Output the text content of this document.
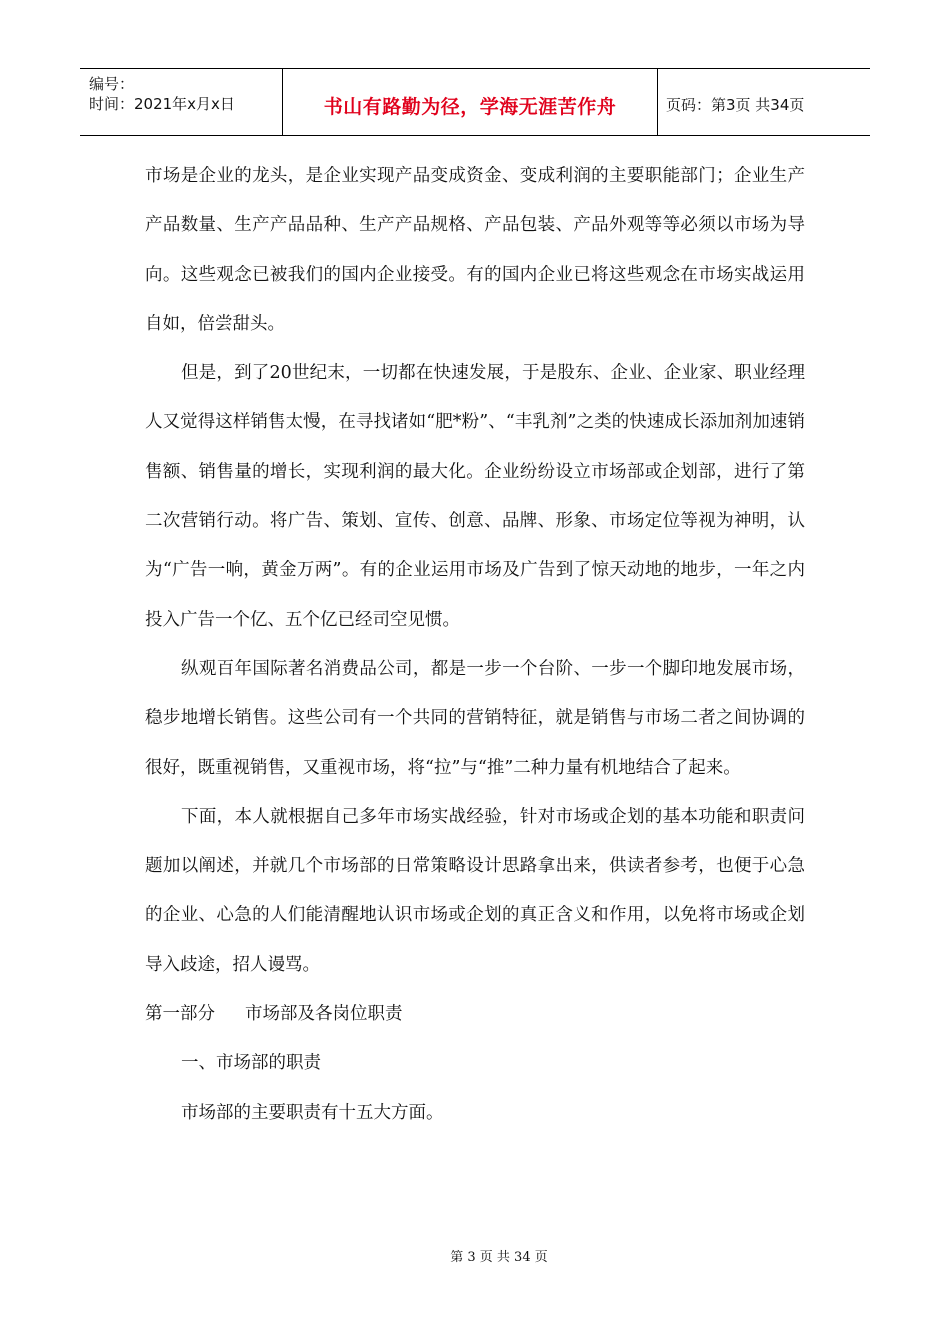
编号：
时间：2021年x月x日	书山有路勤为径，学海无涯苦作舟	页码：第3页 共34页

市场是企业的龙头，是企业实现产品变成资金、变成利润的主要职能部门；企业生产产品数量、生产产品品种、生产产品规格、产品包装、产品外观等等必须以市场为导向。这些观念已被我们的国内企业接受。有的国内企业已将这些观念在市场实战运用自如，倍尝甜头。

但是，到了20世纪末，一切都在快速发展，于是股东、企业、企业家、职业经理人又觉得这样销售太慢，在寻找诸如“肥*粉”、“丰乳剂”之类的快速成长添加剂加速销售额、销售量的增长，实现利润的最大化。企业纷纷设立市场部或企划部，进行了第二次营销行动。将广告、策划、宣传、创意、品牌、形象、市场定位等视为神明，认为“广告一响，黄金万两”。有的企业运用市场及广告到了惊天动地的地步，一年之内投入广告一个亿、五个亿已经司空见惯。

纵观百年国际著名消费品公司，都是一步一个台阶、一步一个脚印地发展市场，稳步地增长销售。这些公司有一个共同的营销特征，就是销售与市场二者之间协调的很好，既重视销售，又重视市场，将“拉”与“推”二种力量有机地结合了起来。

下面，本人就根据自己多年市场实战经验，针对市场或企划的基本功能和职责问题加以阐述，并就几个市场部的日常策略设计思路拿出来，供读者参考，也便于心急的企业、心急的人们能清醒地认识市场或企划的真正含义和作用，以免将市场或企划导入歧途，招人谩骂。

第一部分 市场部及各岗位职责

一、市场部的职责

市场部的主要职责有十五大方面。

第 3 页 共 34 页
